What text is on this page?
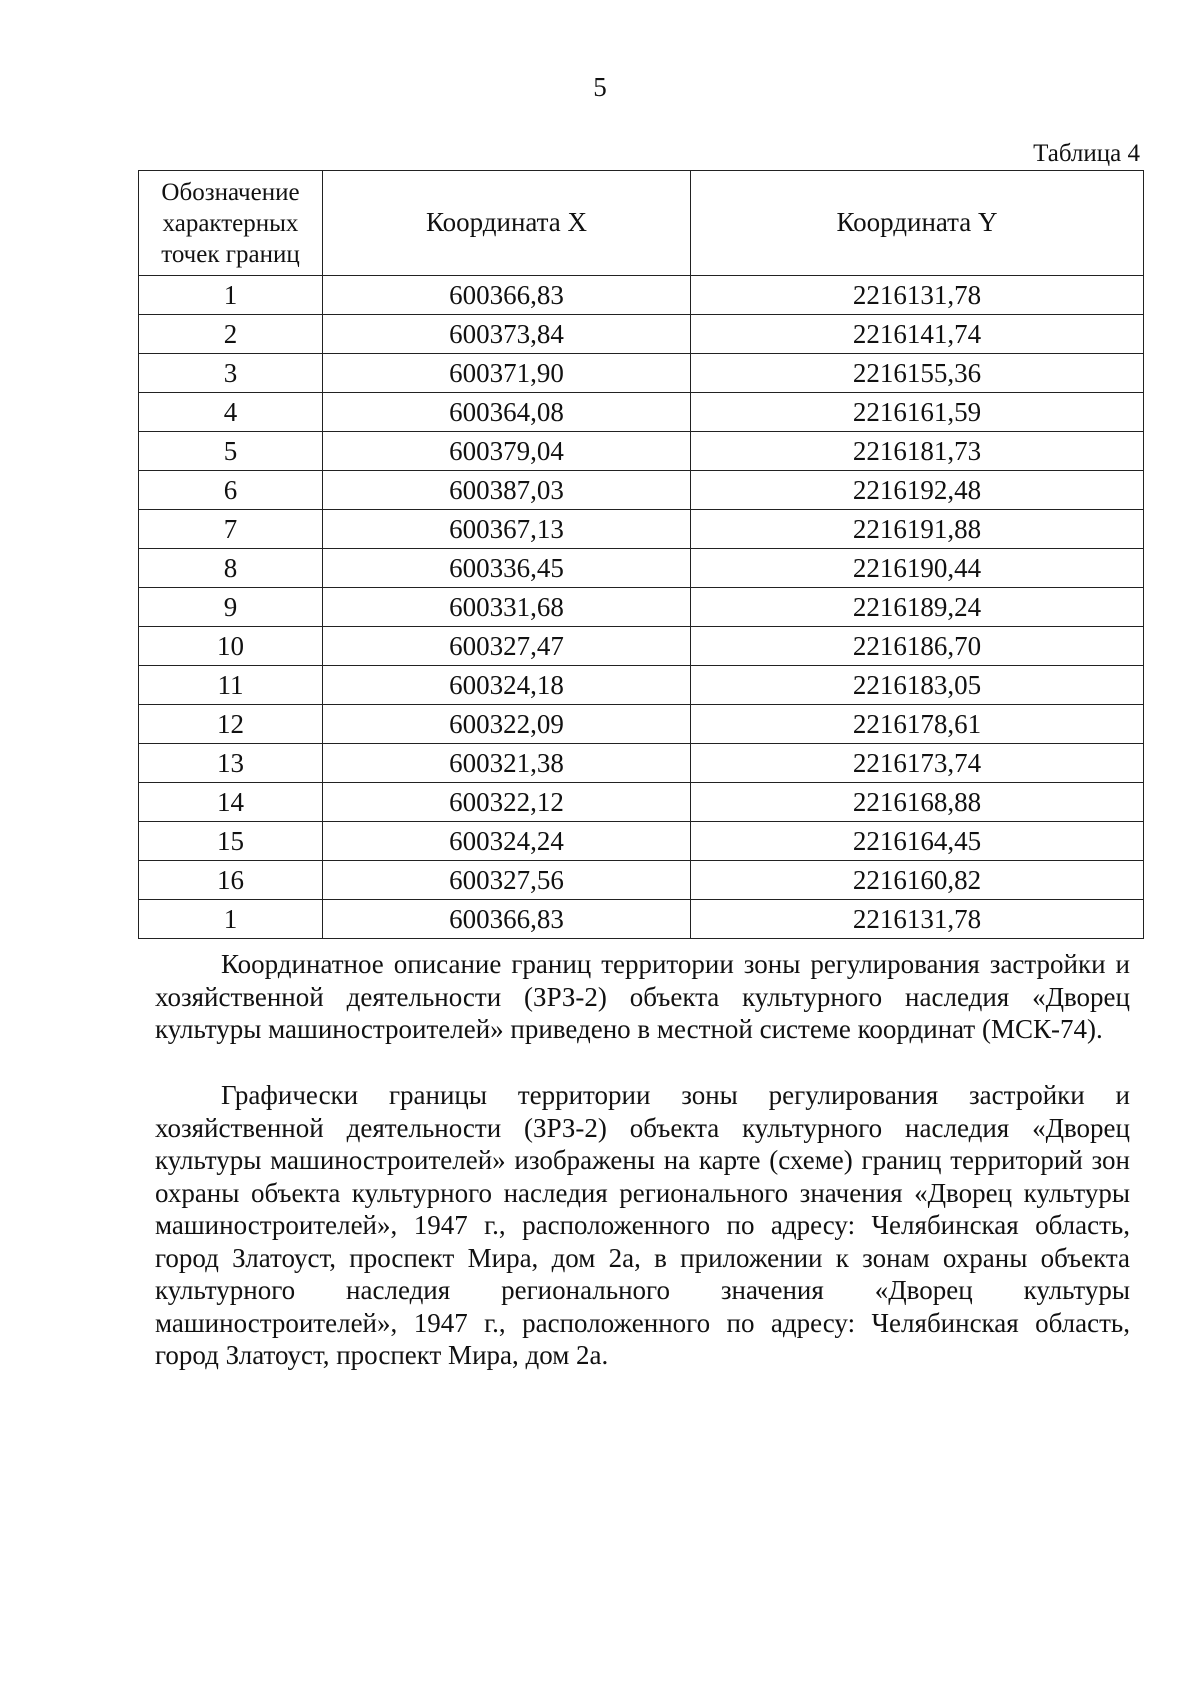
5
Таблица 4
Обозначение
характерных
точек границ	Координата X	Координата Y
1	600366,83	2216131,78
2	600373,84	2216141,74
3	600371,90	2216155,36
4	600364,08	2216161,59
5	600379,04	2216181,73
6	600387,03	2216192,48
7	600367,13	2216191,88
8	600336,45	2216190,44
9	600331,68	2216189,24
10	600327,47	2216186,70
11	600324,18	2216183,05
12	600322,09	2216178,61
13	600321,38	2216173,74
14	600322,12	2216168,88
15	600324,24	2216164,45
16	600327,56	2216160,82
1	600366,83	2216131,78

Координатное описание границ территории зоны регулирования застройки и хозяйственной деятельности (ЗРЗ-2) объекта культурного наследия «Дворец культуры машиностроителей» приведено в местной системе координат (МСК-74).

Графически границы территории зоны регулирования застройки и хозяйственной деятельности (ЗРЗ-2) объекта культурного наследия «Дворец культуры машиностроителей» изображены на карте (схеме) границ территорий зон охраны объекта культурного наследия регионального значения «Дворец культуры машиностроителей», 1947 г., расположенного по адресу: Челябинская область, город Златоуст, проспект Мира, дом 2а, в приложении к зонам охраны объекта культурного наследия регионального значения «Дворец культуры машиностроителей», 1947 г., расположенного по адресу: Челябинская область, город Златоуст, проспект Мира, дом 2а.
